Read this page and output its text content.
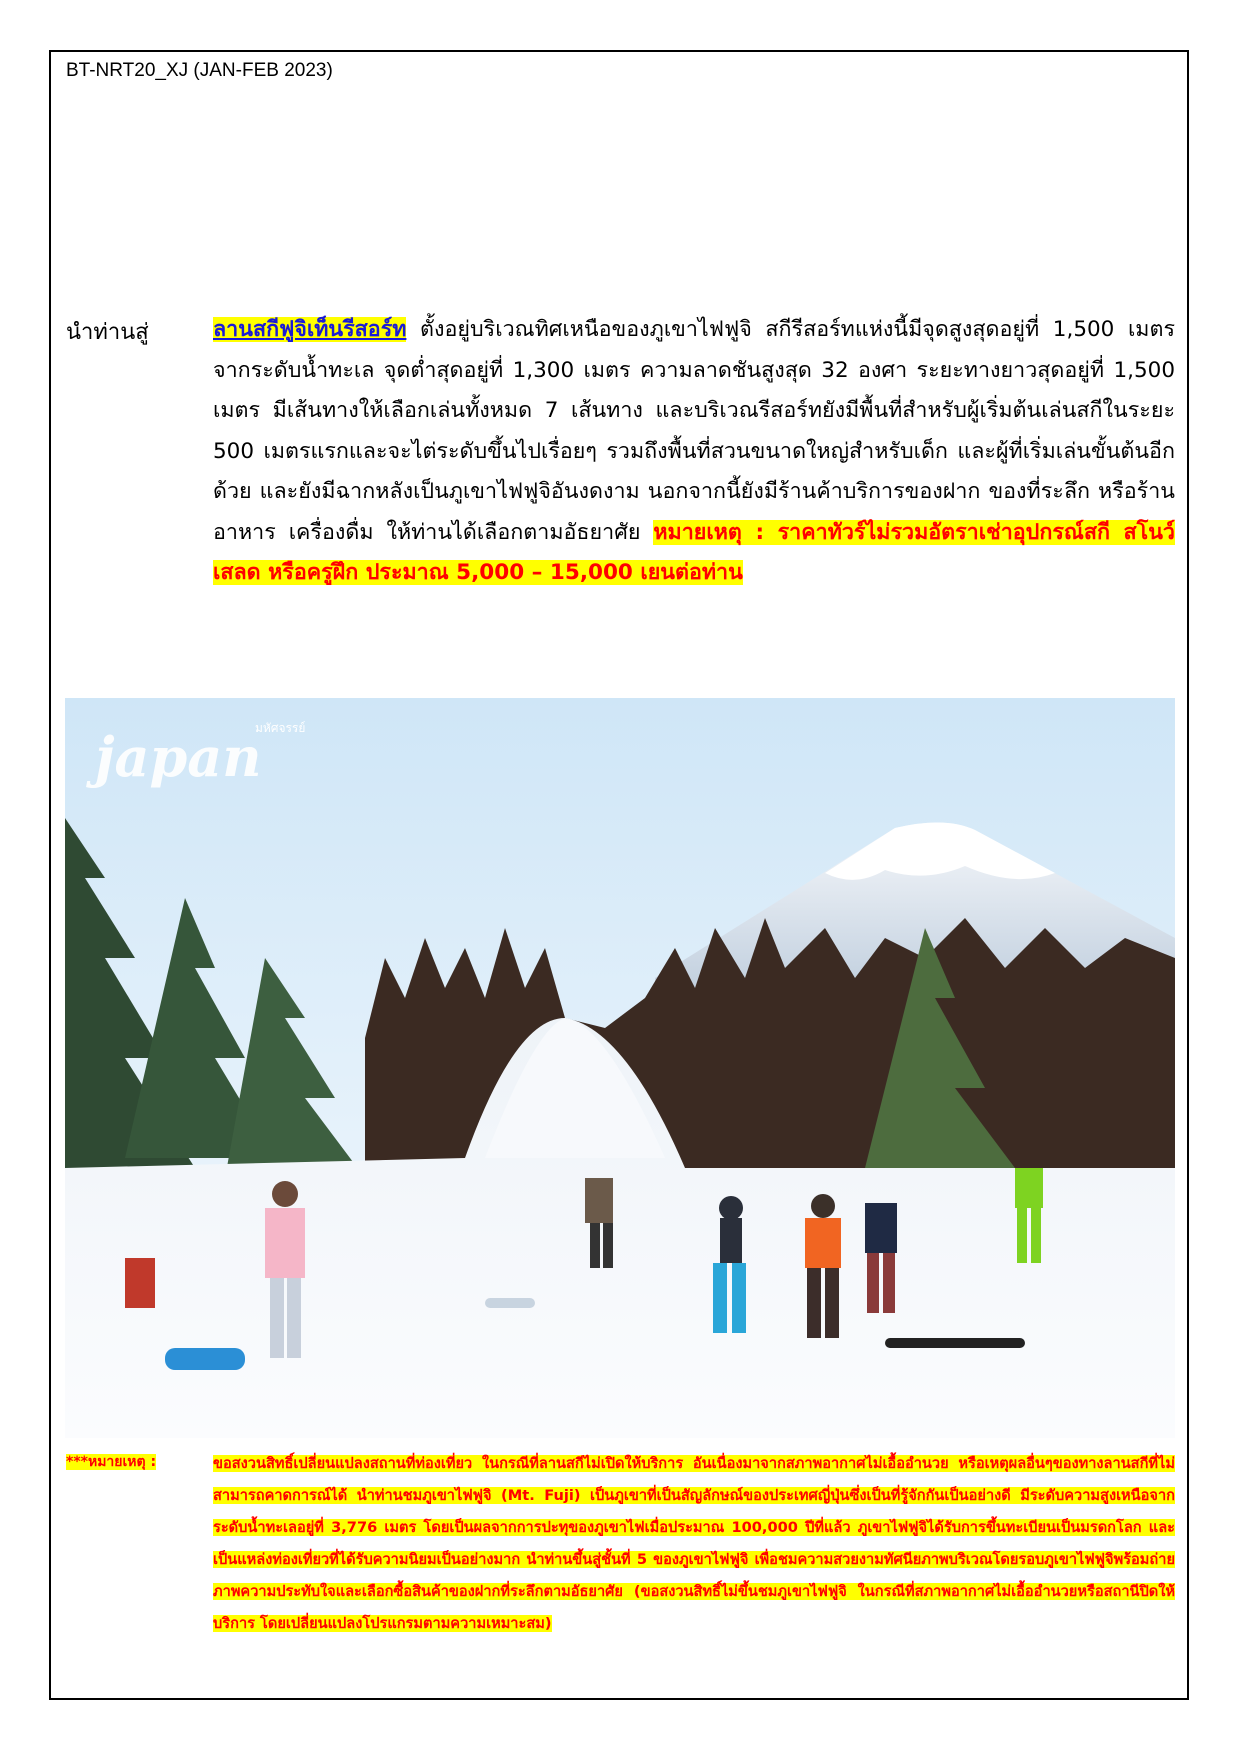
BT-NRT20_XJ (JAN-FEB 2023)
นำท่านสู่	ลานสกีฟูจิเท็นรีสอร์ท ตั้งอยู่บริเวณทิศเหนือของภูเขาไฟฟูจิ สกีรีสอร์ทแห่งนี้มีจุดสูงสุดอยู่ที่ 1,500 เมตร จากระดับน้ำทะเล จุดต่ำสุดอยู่ที่ 1,300 เมตร ความลาดชันสูงสุด 32 องศา ระยะทางยาวสุดอยู่ที่ 1,500 เมตร มีเส้นทางให้เลือกเล่นทั้งหมด 7 เส้นทาง และบริเวณรีสอร์ทยังมีพื้นที่สำหรับผู้เริ่มต้นเล่นสกีในระยะ 500 เมตรแรกและจะไต่ระดับขึ้นไปเรื่อยๆ รวมถึงพื้นที่สวนขนาดใหญ่สำหรับเด็ก และผู้ที่เริ่มเล่นขั้นต้นอีกด้วย และยังมีฉากหลังเป็นภูเขาไฟฟูจิอันงดงาม นอกจากนี้ยังมีร้านค้าบริการของฝาก ของที่ระลึก หรือร้านอาหาร เครื่องดื่ม ให้ท่านได้เลือกตามอัธยาศัย หมายเหตุ : ราคาทัวร์ไม่รวมอัตราเช่าอุปกรณ์สกี สโนว์เสลด หรือครูฝึก ประมาณ 5,000 – 15,000 เยนต่อท่าน
มหัศจรรย์
japan
***หมายเหตุ :	ขอสงวนสิทธิ์เปลี่ยนแปลงสถานที่ท่องเที่ยว ในกรณีที่ลานสกีไม่เปิดให้บริการ อันเนื่องมาจากสภาพอากาศไม่เอื้ออำนวย หรือเหตุผลอื่นๆของทางลานสกีที่ไม่สามารถคาดการณ์ได้ นำท่านชมภูเขาไฟฟูจิ (Mt. Fuji) เป็นภูเขาที่เป็นสัญลักษณ์ของประเทศญี่ปุ่นซึ่งเป็นที่รู้จักกันเป็นอย่างดี มีระดับความสูงเหนือจากระดับน้ำทะเลอยู่ที่ 3,776 เมตร โดยเป็นผลจากการปะทุของภูเขาไฟเมื่อประมาณ 100,000 ปีที่แล้ว ภูเขาไฟฟูจิได้รับการขึ้นทะเบียนเป็นมรดกโลก และเป็นแหล่งท่องเที่ยวที่ได้รับความนิยมเป็นอย่างมาก นำท่านขึ้นสู่ชั้นที่ 5 ของภูเขาไฟฟูจิ เพื่อชมความสวยงามทัศนียภาพบริเวณโดยรอบภูเขาไฟฟูจิพร้อมถ่ายภาพความประทับใจและเลือกซื้อสินค้าของฝากที่ระลึกตามอัธยาศัย (ขอสงวนสิทธิ์ไม่ขึ้นชมภูเขาไฟฟูจิ ในกรณีที่สภาพอากาศไม่เอื้ออำนวยหรือสถานีปิดให้บริการ โดยเปลี่ยนแปลงโปรแกรมตามความเหมาะสม)
